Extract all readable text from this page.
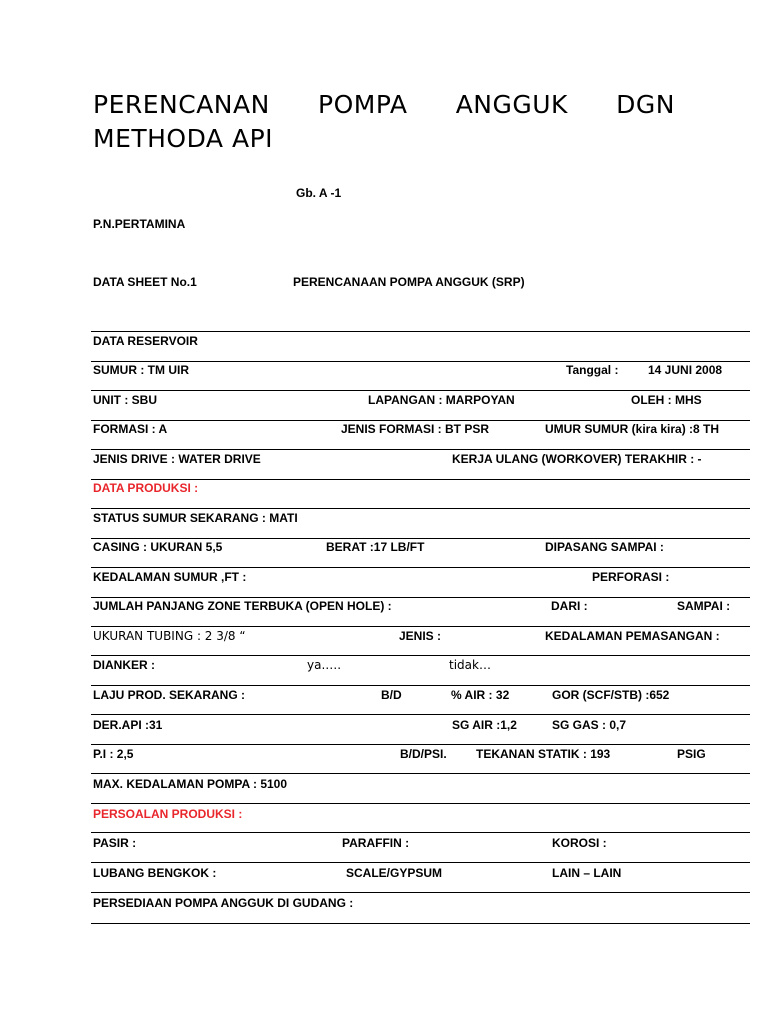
PERENCANAN POMPA ANGGUK DGN
METHODA API
Gb. A -1
P.N.PERTAMINA
DATA SHEET No.1	PERENCANAAN POMPA ANGGUK (SRP)
DATA RESERVOIR
SUMUR : TM UIR	Tanggal : 14 JUNI 2008
UNIT : SBU	LAPANGAN : MARPOYAN	OLEH : MHS
FORMASI : A	JENIS FORMASI : BT PSR	UMUR SUMUR (kira kira) :8 TH
JENIS DRIVE : WATER DRIVE	KERJA ULANG (WORKOVER) TERAKHIR : -
DATA PRODUKSI :
STATUS SUMUR SEKARANG : MATI
CASING : UKURAN 5,5	BERAT :17 LB/FT	DIPASANG SAMPAI :
KEDALAMAN SUMUR ,FT :	PERFORASI :
JUMLAH PANJANG ZONE TERBUKA (OPEN HOLE) :	DARI :	SAMPAI :
UKURAN TUBING : 2 3/8 “	JENIS :	KEDALAMAN PEMASANGAN :
DIANKER :	ya.….	tidak…
LAJU PROD. SEKARANG :	B/D	% AIR : 32	GOR (SCF/STB) :652
DER.API :31	SG AIR :1,2	SG GAS : 0,7
P.I : 2,5	B/D/PSI. TEKANAN STATIK : 193	PSIG
MAX. KEDALAMAN POMPA : 5100
PERSOALAN PRODUKSI :
PASIR :	PARAFFIN :	KOROSI :
LUBANG BENGKOK :	SCALE/GYPSUM	LAIN – LAIN
PERSEDIAAN POMPA ANGGUK DI GUDANG :
